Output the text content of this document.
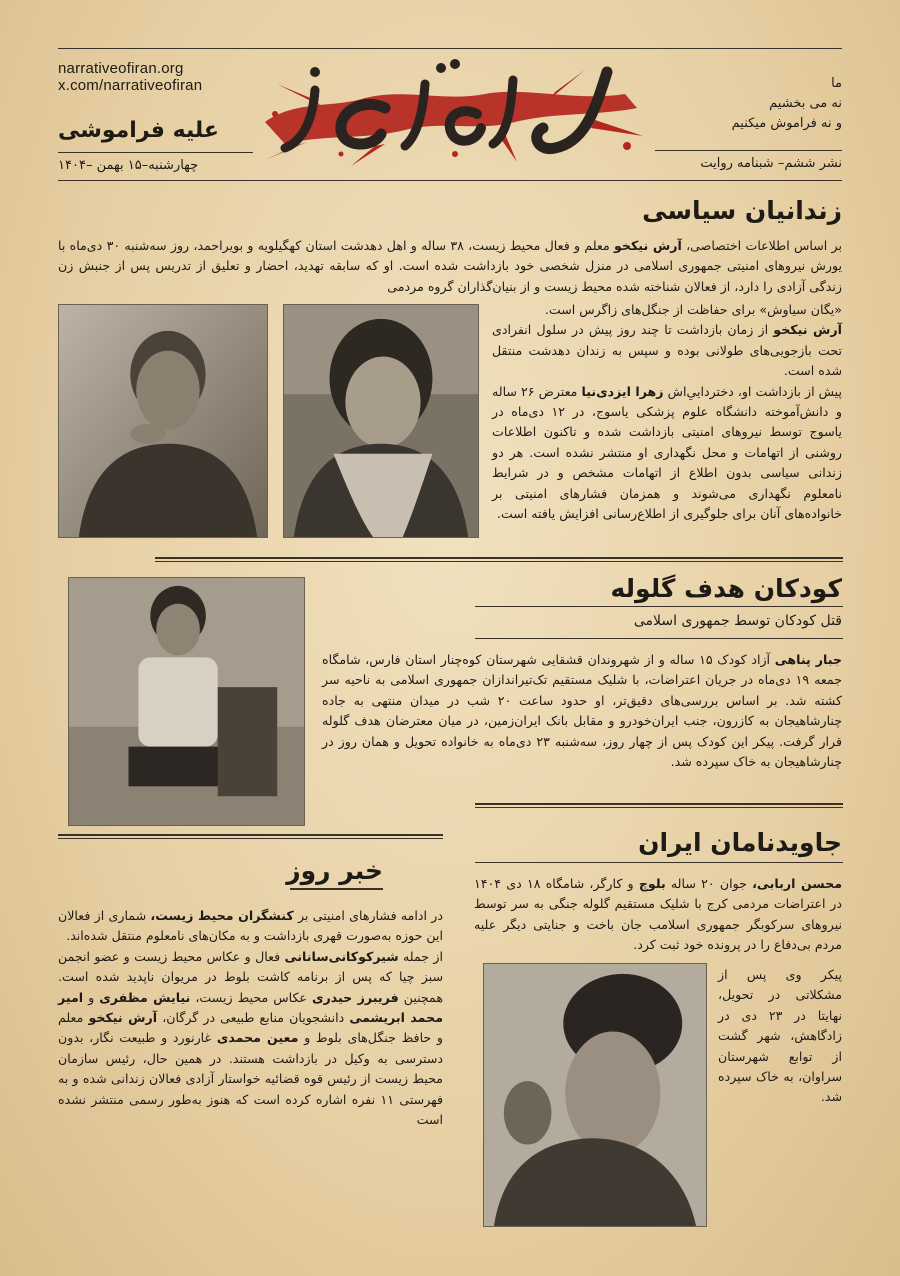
narrativeofiran.org
x.com/narrativeofiran
علیه فراموشی
چهارشنبه–۱۵ بهمن –۱۴۰۴
ما
نه می بخشیم
و نه فراموش میکنیم
نشر ششم– شبنامه روایت
زندانیان سیاسی
بر اساس اطلاعات اختصاصی، آرش نیکخو معلم و فعال محیط زیست، ۳۸ ساله و اهل دهدشت استان کهگیلویه و بویراحمد، روز سه‌شنبه ۳۰ دی‌ماه با یورش نیروهای امنیتی جمهوری اسلامی در منزل شخصی خود بازداشت شده است. او که سابقه تهدید، احضار و تعلیق از تدریس پس از جنبش زن زندگی آزادی را دارد، از فعالان شناخته شده محیط زیست و از بنیان‌گذاران گروه مردمی
«یگان سیاوش» برای حفاظت از جنگل‌های زاگرس است.
آرش نیکخو از زمان بازداشت تا چند روز پیش در سلول انفرادی تحت بازجویی‌های طولانی بوده و سپس به زندان دهدشت منتقل شده است.
پیش از بازداشت او، دخترداییِ‌اش زهرا ایزدی‌نیا معترض ۲۶ ساله و دانش‌آموخته دانشگاه علوم پزشکی یاسوج، در ۱۲ دی‌ماه در یاسوج توسط نیروهای امنیتی بازداشت شده و تاکنون اطلاعات روشنی از اتهامات و محل نگهداری او منتشر نشده است. هر دو زندانی سیاسی بدون اطلاع از اتهامات مشخص و در شرایط نامعلوم نگهداری می‌شوند و همزمان فشارهای امنیتی بر خانواده‌های آنان برای جلوگیری از اطلاع‌رسانی افزایش یافته است.
کودکان هدف گلوله
قتل کودکان توسط جمهوری اسلامی
جبار پناهی آزاد کودک ۱۵ ساله و از شهروندان قشقایی شهرستان کوه‌چنار استان فارس، شامگاه جمعه ۱۹ دی‌ماه در جریان اعتراضات، با شلیک مستقیم تک‌تیراندازان جمهوری اسلامی به ناحیه سر کشته شد. بر اساس بررسی‌های دقیق‌تر، او حدود ساعت ۲۰ شب در میدان منتهی به جاده چنارشاهیجان به کازرون، جنب ایران‌خودرو و مقابل بانک ایران‌زمین، در میان معترضان هدف گلوله قرار گرفت. پیکر این کودک پس از چهار روز، سه‌شنبه ۲۳ دی‌ماه به خانواده تحویل و همان روز در چنارشاهیجان به خاک سپرده شد.
خبر روز
در ادامه فشارهای امنیتی بر کنشگران محیط زیست، شماری از فعالان این حوزه به‌صورت قهری بازداشت و به مکان‌های نامعلوم منتقل شده‌اند.
از جمله شیرکوکانی‌سانانی فعال و عکاس محیط زیست و عضو انجمن سبز چیا که پس از برنامه کاشت بلوط در مریوان ناپدید شده است. همچنین فریبرز حیدری عکاس محیط زیست، نیایش مظفری و امیر محمد ابریشمی دانشجویان منابع طبیعی در گرگان، آرش نیکخو معلم و حافظ جنگل‌های بلوط و معین محمدی غارنورد و طبیعت نگار، بدون دسترسی به وکیل در بازداشت هستند. در همین حال، رئیس سازمان محیط زیست از رئیس قوه قضائیه خواستار آزادی فعالان زندانی شده و به فهرستی ۱۱ نفره اشاره کرده است که هنوز به‌طور رسمی منتشر نشده است
جاویدنامان ایران
محسن اربابی، جوان ۲۰ ساله بلوچ و کارگر، شامگاه ۱۸ دی ۱۴۰۴ در اعتراضات مردمی کرج با شلیک مستقیم گلوله جنگی به سر توسط نیروهای سرکوبگر جمهوری اسلامب جان باخت و جنایتی دیگر علیه مردم بی‌دفاع را در پرونده خود ثبت کرد.
پیکر وی پس از مشکلاتی در تحویل، نهایتا در ۲۳ دی در زادگاهش، شهر گشت از توابع شهرستان سراوان، به خاک سپرده شد.
